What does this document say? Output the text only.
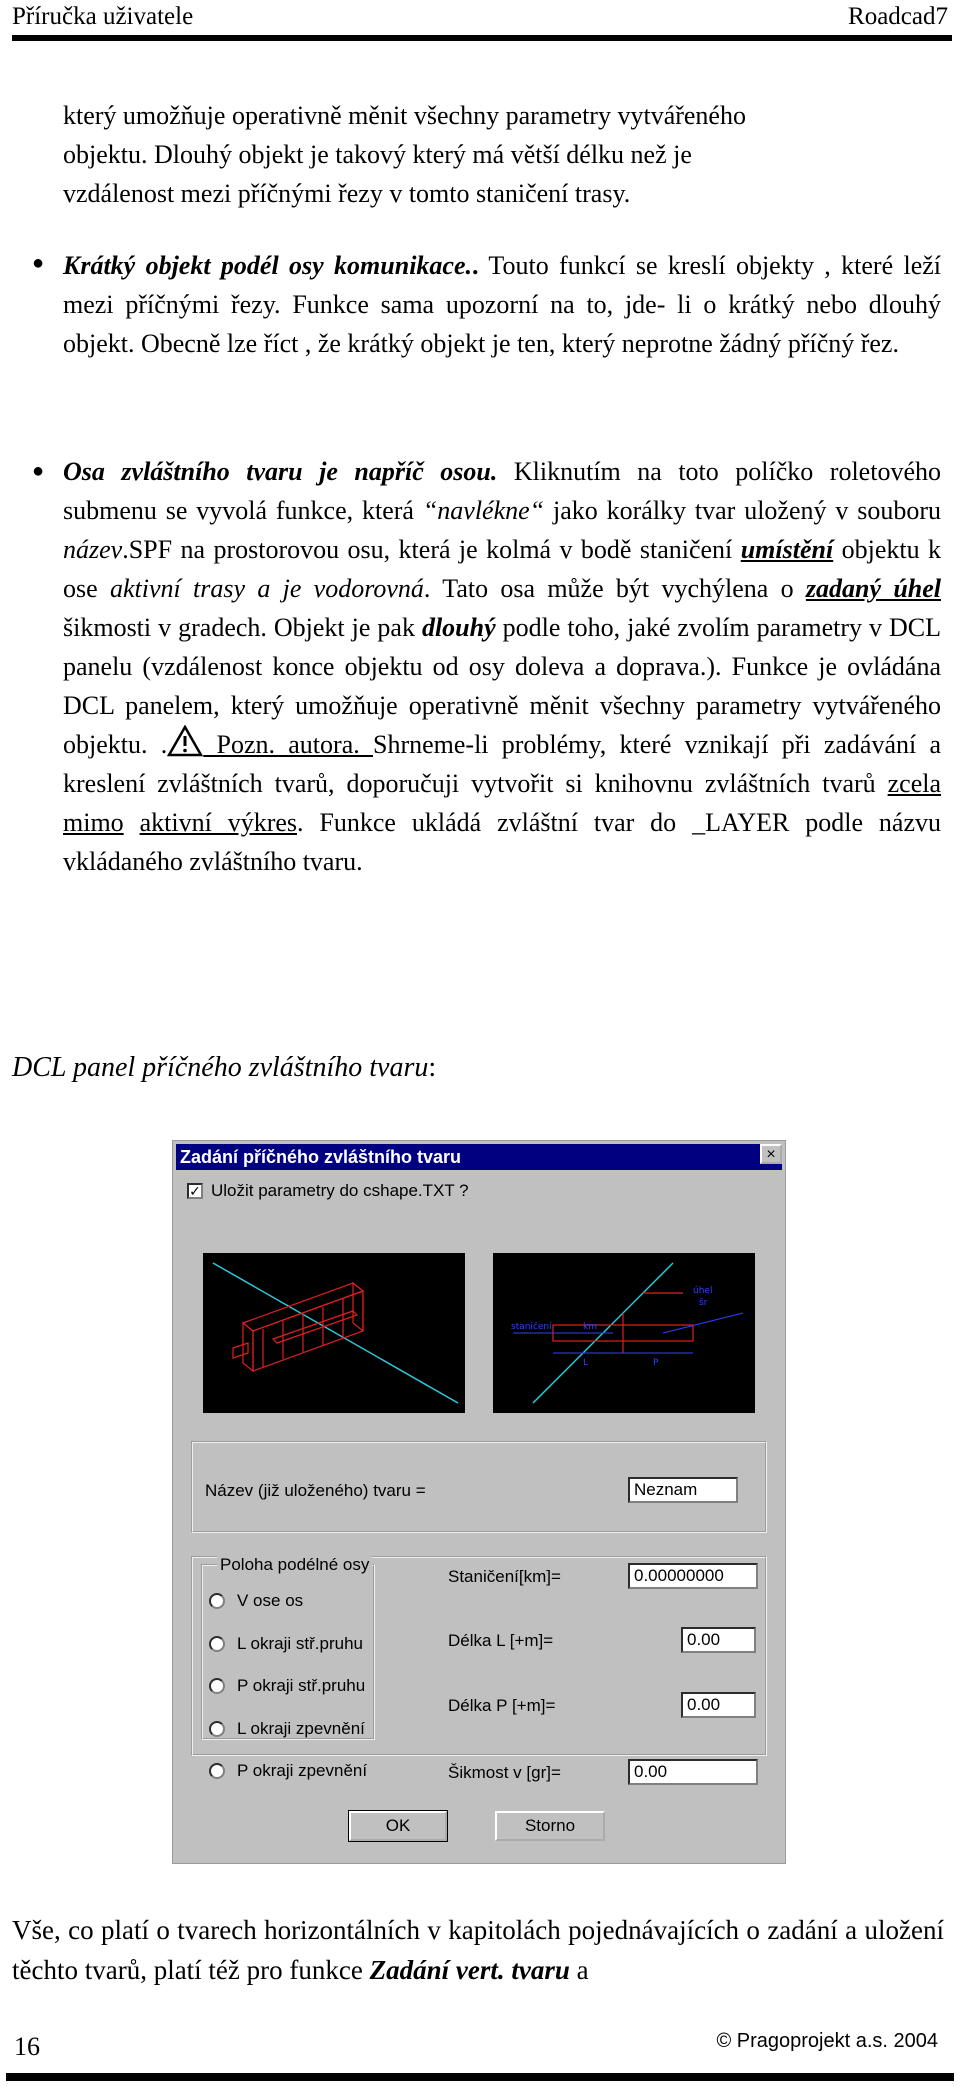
Příručka uživatele	Roadcad7

který umožňuje operativně měnit všechny parametry vytvářeného

objektu. Dlouhý objekt je takový který má větší délku než je

vzdálenost mezi příčnými řezy v tomto staničení trasy.

● Krátký objekt podél osy komunikace.. Touto funkcí se kreslí objekty , které leží mezi příčnými řezy. Funkce sama upozorní na to, jde- li o krátký nebo dlouhý objekt. Obecně lze říct , že krátký objekt je ten, který neprotne žádný příčný řez.
● Osa zvláštního tvaru je napříč osou. Kliknutím na toto políčko roletového submenu se vyvolá funkce, která “navlékne“ jako korálky tvar uložený v souboru název.SPF na prostorovou osu, která je kolmá v bodě staničení umístění objektu k ose aktivní trasy a je vodorovná. Tato osa může být vychýlena o zadaný úhel šikmosti v gradech. Objekt je pak dlouhý podle toho, jaké zvolím parametry v DCL panelu (vzdálenost konce objektu od osy doleva a doprava.). Funkce je ovládána DCL panelem, který umožňuje operativně měnit všechny parametry vytvářeného objektu. . Pozn. autora. Shrneme-li problémy, které vznikají při zadávání a kreslení zvláštních tvarů, doporučuji vytvořit si knihovnu zvláštních tvarů zcela mimo aktivní výkres. Funkce ukládá zvláštní tvar do _LAYER podle názvu vkládaného zvláštního tvaru.
DCL panel příčného zvláštního tvaru:
Zadání příčného zvláštního tvaru	×
✓ Uložit parametry do cshape.TXT ?
staničení
úhel
šr
km
L	P
Název (již uloženého) tvaru =	Neznam
Poloha podélné osy
V ose os
L okraji stř.pruhu
P okraji stř.pruhu
L okraji zpevnění
P okraji zpevnění
Staničení[km]=	0.00000000
Délka L [+m]=	0.00
Délka P [+m]=	0.00
Šikmost v [gr]=	0.00
OK	Storno
Vše, co platí o tvarech horizontálních v kapitolách pojednávajících o zadání a uložení těchto tvarů, platí též pro funkce Zadání vert. tvaru a
16	© Pragoprojekt a.s. 2004
